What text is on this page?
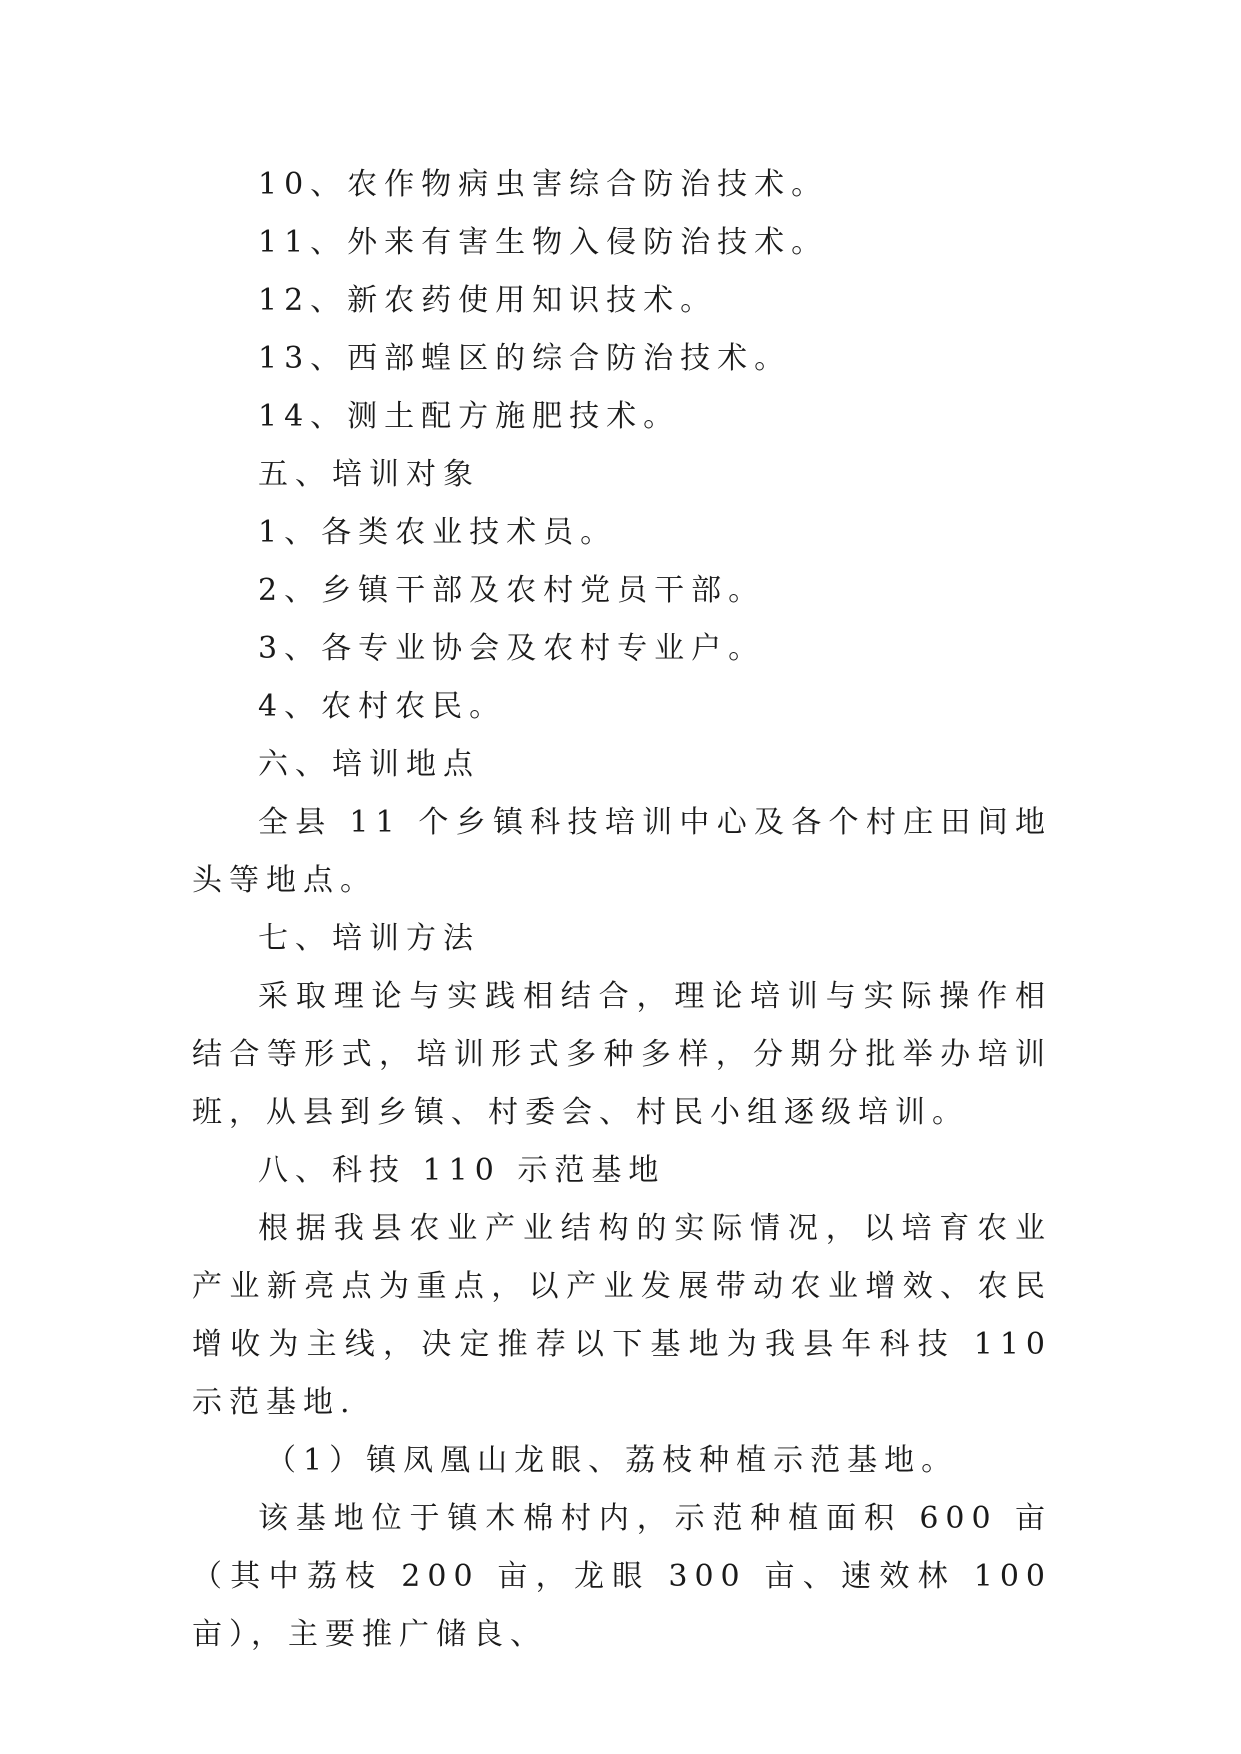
10、农作物病虫害综合防治技术。

11、外来有害生物入侵防治技术。

12、新农药使用知识技术。

13、西部蝗区的综合防治技术。

14、测土配方施肥技术。

五、培训对象

1、各类农业技术员。

2、乡镇干部及农村党员干部。

3、各专业协会及农村专业户。

4、农村农民。

六、培训地点

全县 11 个乡镇科技培训中心及各个村庄田间地头等地点。

七、培训方法

采取理论与实践相结合，理论培训与实际操作相结合等形式，培训形式多种多样，分期分批举办培训班，从县到乡镇、村委会、村民小组逐级培训。

八、科技 110 示范基地

根据我县农业产业结构的实际情况，以培育农业产业新亮点为重点，以产业发展带动农业增效、农民增收为主线，决定推荐以下基地为我县年科技 110 示范基地.

（1）镇凤凰山龙眼、荔枝种植示范基地。

该基地位于镇木棉村内，示范种植面积 600 亩（其中荔枝 200 亩，龙眼 300 亩、速效林 100 亩），主要推广储良、
